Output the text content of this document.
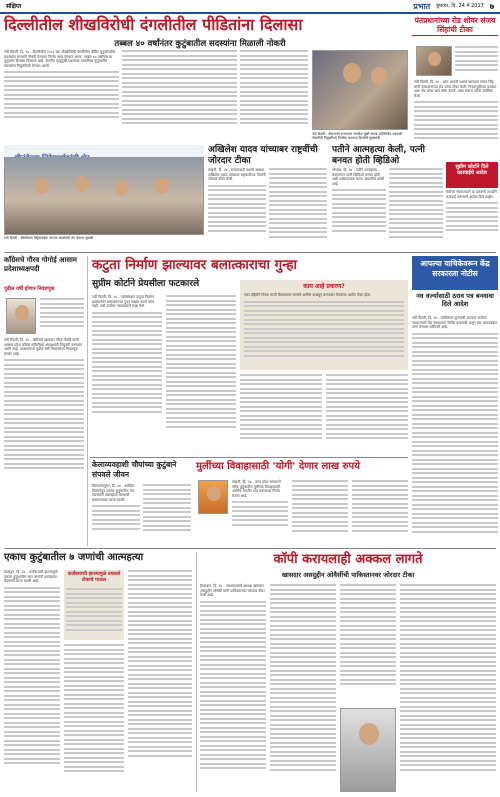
संक्षिप्त	प्रभात बुधवार, दि. 24 मे 2017 ७
दिल्लीतील शीखविरोधी दंगलीतील पीडितांना दिलासा
तब्बल ४० वर्षांनंतर कुटुंबातील सदस्यांना मिळाली नोकरी
नवी दिल्ली, दि. २४ - दिल्लीतील १९८४ च्या शीखविरोधी दंगलीतील पीडित कुटुंबांमधील सदस्यांना सरकारी नोकरी देण्याचा निर्णय आज घेण्यात आला. तब्बल ४० वर्षांनंतर या कुटुंबांना दिलासा मिळाला आहे. दंगलीत मृत्युमुखी पडलेल्या व्यक्तींच्या कुटुंबातील सदस्यांना नियुक्तीपत्रे देण्यात आली.
नवी दिल्ली : मेघालयचे राज्यपाल जगदीश मुखी यांच्या उपस्थितीत सरकारी नोकरीची नियुक्तीपत्रे वितरित करताना दिल्लीचे मुख्यमंत्री
नवी दिल्ली : श्रीलंकेच्या लिट्टेसमर्थक गटाच्या सदस्यांची भेट घेताना गृहमंत्री
पंतप्रधानांच्या रोड शोवर संजय सिंहांची टीका
नवी दिल्ली, दि. २४ - आम आदमी पक्षाचे खासदार संजय सिंह यांनी पंतप्रधानांच्या रोड शोवर टीका केली. निवडणुकीच्या काळात अशा रोड शोचा खर्च कोण करतो, असा सवाल त्यांनी उपस्थित केला.
अखिलेश यादव यांच्याबर राष्ट्रवींची जोरदार टीका
लखनौ, दि. २४ - समाजवादी पक्षाचे अध्यक्ष अखिलेश यादव यांच्यावर राष्ट्रवादीच्या नेत्यांनी जोरदार टीका केली.
पतीने आत्महत्या केली, पत्नी बनवत होती व्हिडिओ
भोपाळ, दि. २४ - पतीने आत्महत्या केल्यानंतर पत्नी व्हिडिओ बनवत होती, अशी धक्कादायक घटना उघडकीस आली आहे.
सुप्रीम कोर्टाने दिले कारवाईचे आदेश
सर्वोच्च न्यायालयाने या प्रकरणी तातडीने कारवाई करण्याचे आदेश दिले आहेत.
काँग्रेसचे गौरव गोगोई आसाम प्रदेशाध्यक्षपदी
पुढील वर्षी होणार निवडणूक
नवी दिल्ली, दि. २४ - काँग्रेसचे खासदार गौरव गोगोई यांची आसाम प्रदेश काँग्रेस समितीच्या अध्यक्षपदी नियुक्ती करण्यात आली आहे. आसाममध्ये पुढील वर्षी विधानसभा निवडणूक होणार आहे.
कटुता निर्माण झाल्यावर बलात्काराचा गुन्हा
सुप्रीम कोर्टाने प्रेयसीला फटकारले
नवी दिल्ली, दि. २४ - नातेसंबंधात कटुता निर्माण झाल्यानंतर बलात्काराचा गुन्हा दाखल करणे योग्य नाही, असे सर्वोच्च न्यायालयाने स्पष्ट केले.
काय आहे प्रकरण?
एका महिलेने तिच्या माजी प्रियकरावर लग्नाचे आमिष दाखवून बलात्कार केल्याचा आरोप केला होता.
आपल्या याचिकेवरून केंद्र सरकारला नोटीस
नव वर्ज्यासाठी ठराव पत्र बनवावा दिले आदेश
नवी दिल्ली, दि. २४ - याचिकेवर सुनावणी करताना सर्वोच्च न्यायालयाने केंद्र सरकारला नोटीस बजावली असून चार आठवड्यांत उत्तर देण्यास सांगितले आहे.
केलाव्यवहाशी चौघांच्या कुटुंबाने संपवले जीवन
तिरुअनंतपुरम, दि. २४ - आर्थिक विवंचनेतून एकाच कुटुंबातील चार सदस्यांनी आत्महत्या केल्याची धक्कादायक घटना घडली.
मुलींच्या विवाहासाठी 'योगी' देणार लाख रुपये
लखनौ, दि. २४ - उत्तर प्रदेश सरकारने गरीब कुटुंबातील मुलींच्या विवाहासाठी आर्थिक मदतीत वाढ करण्याचा निर्णय घेतला आहे.
एकाच कुटुंबातील ७ जणांची आत्महत्या
डेहराडून, दि. २४ - कर्जबाजारी झाल्यामुळे एकाच कुटुंबातील सात जणांनी आत्महत्या केल्याची घटना घडली आहे.
कर्जबाजारी झाल्यामुळे उचलले टोकाचे पाऊल
कॉपी करायलाही अक्कल लागते
खासदार असदुद्दीन ओवैसींची पाकिस्तानवर जोरदार टीका
हैदराबाद, दि. २४ - एमआयएमचे अध्यक्ष खासदार असदुद्दीन ओवैसी यांनी पाकिस्तानवर जोरदार टीका केली आहे.
